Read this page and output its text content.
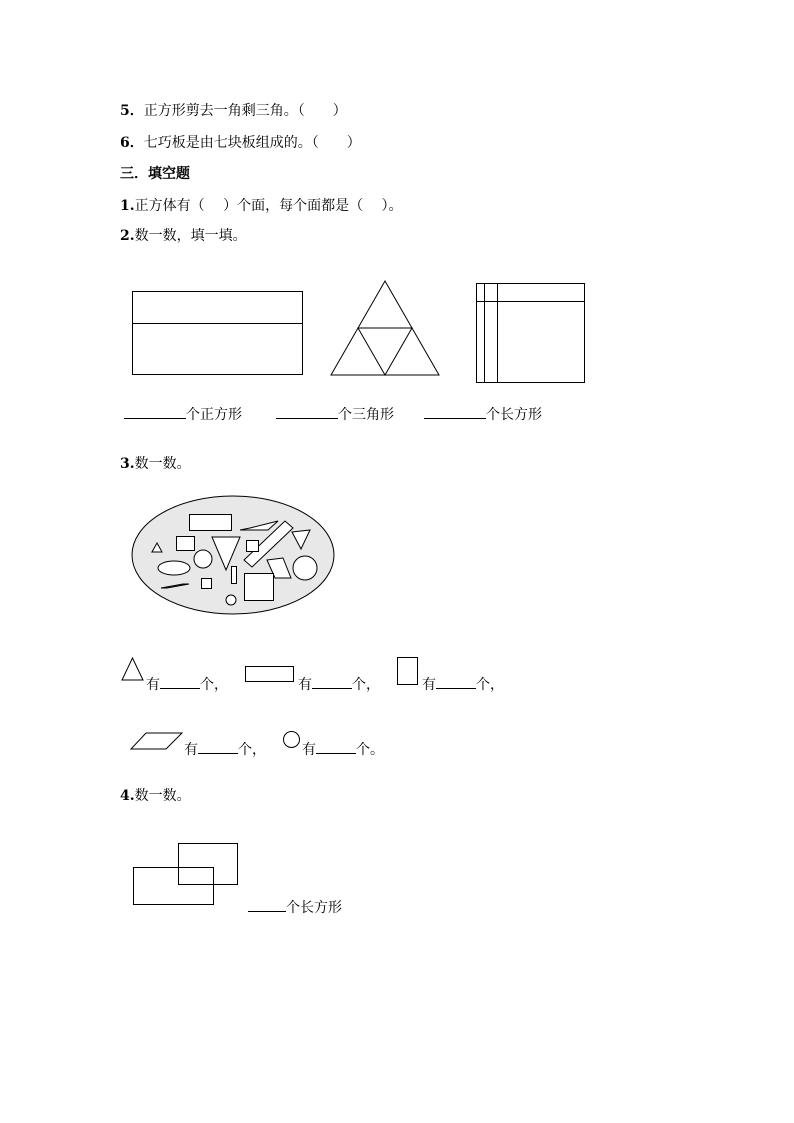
5．正方形剪去一角剩三角。（　　）
6．七巧板是由七块板组成的。（　　）
三．填空题
1.正方体有（　 ）个面，每个面都是（　 ）。
2.数一数，填一填。
个正方形	个三角形	个长方形
3.数一数。
有	个，	有	个，	有	个，
有	个，	有	个。
4.数一数。
个长方形
